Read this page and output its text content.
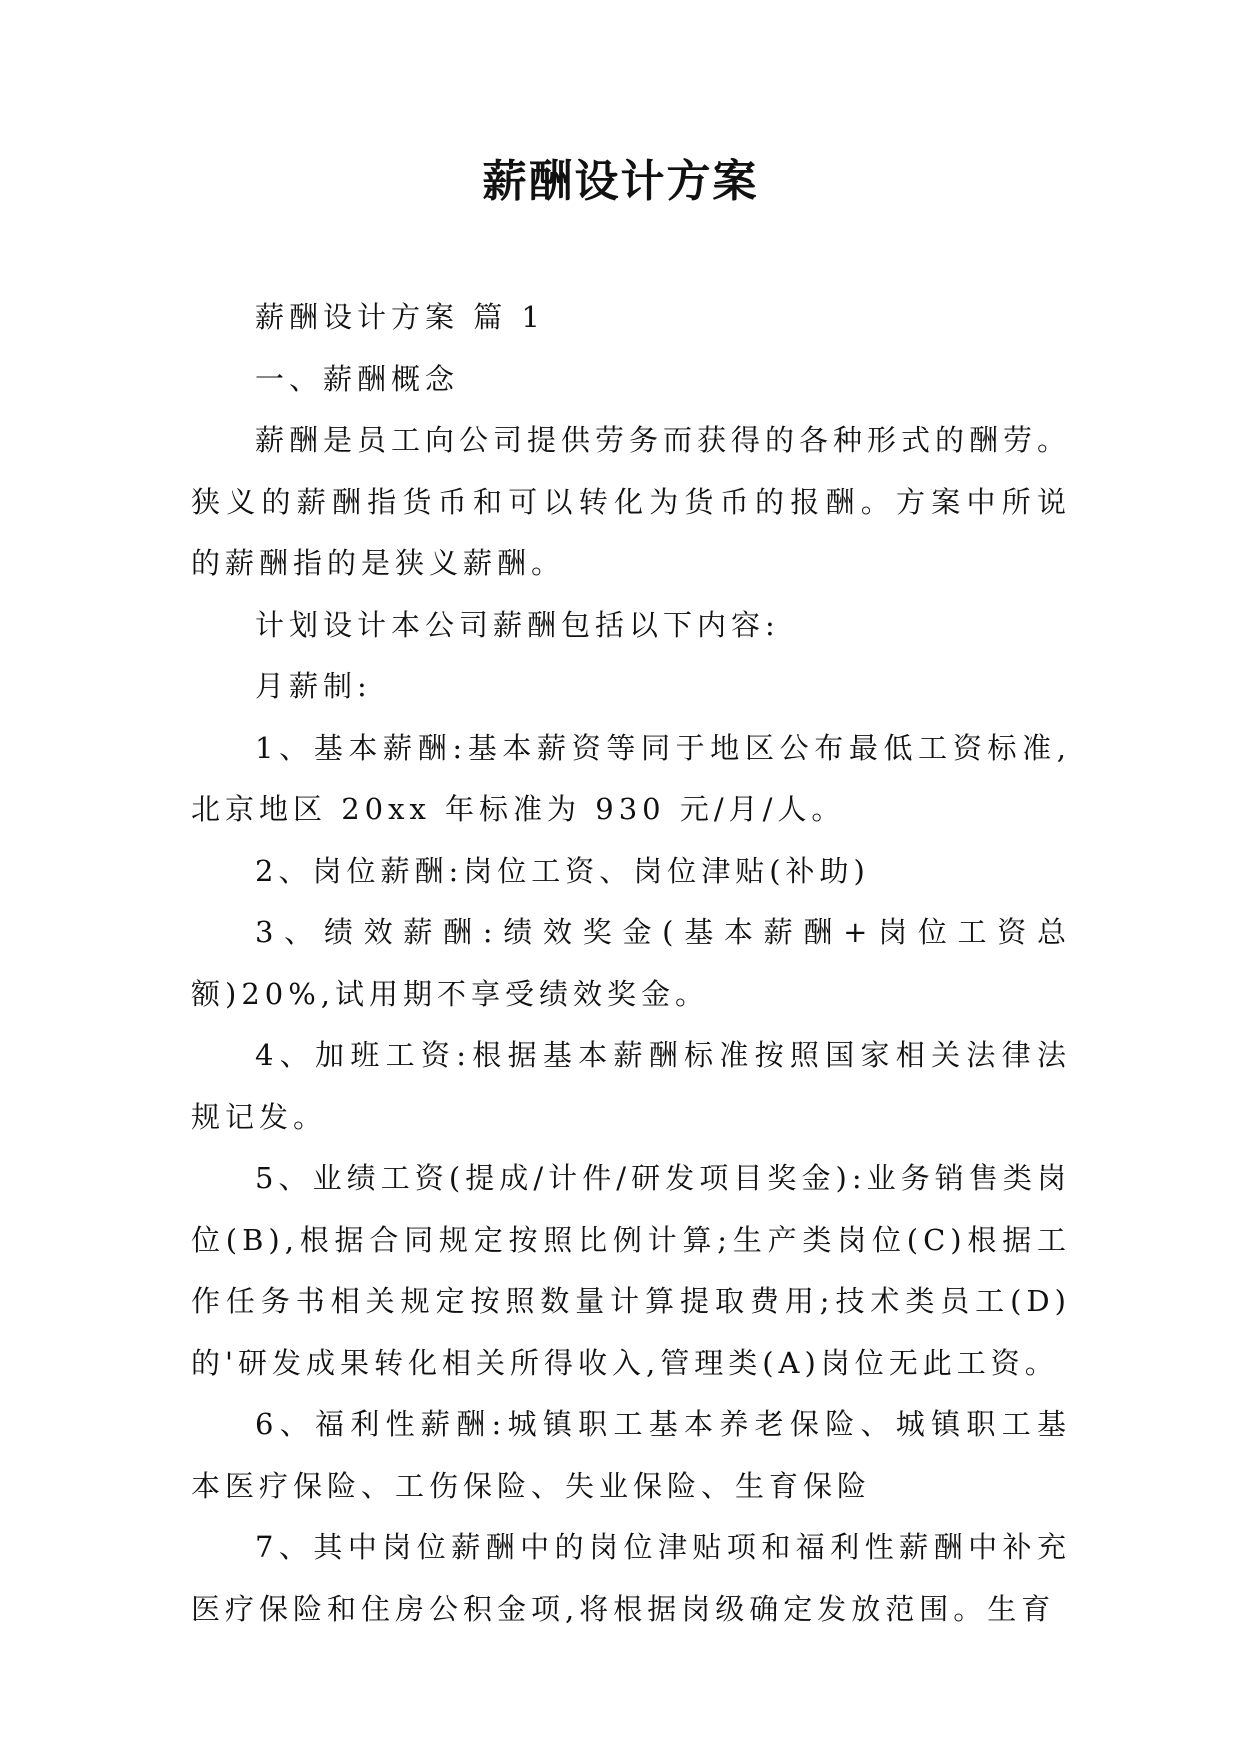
薪酬设计方案

薪酬设计方案 篇 1

一、薪酬概念

薪酬是员工向公司提供劳务而获得的各种形式的酬劳。狭义的薪酬指货币和可以转化为货币的报酬。方案中所说的薪酬指的是狭义薪酬。

计划设计本公司薪酬包括以下内容:

月薪制:

1、基本薪酬:基本薪资等同于地区公布最低工资标准,北京地区 20xx 年标准为 930 元/月/人。

2、岗位薪酬:岗位工资、岗位津贴(补助)

3、绩效薪酬:绩效奖金(基本薪酬+岗位工资总额)20%,试用期不享受绩效奖金。

4、加班工资:根据基本薪酬标准按照国家相关法律法规记发。

5、业绩工资(提成/计件/研发项目奖金):业务销售类岗位(B),根据合同规定按照比例计算;生产类岗位(C)根据工作任务书相关规定按照数量计算提取费用;技术类员工(D)的'研发成果转化相关所得收入,管理类(A)岗位无此工资。

6、福利性薪酬:城镇职工基本养老保险、城镇职工基本医疗保险、工伤保险、失业保险、生育保险

7、其中岗位薪酬中的岗位津贴项和福利性薪酬中补充医疗保险和住房公积金项,将根据岗级确定发放范围。生育
